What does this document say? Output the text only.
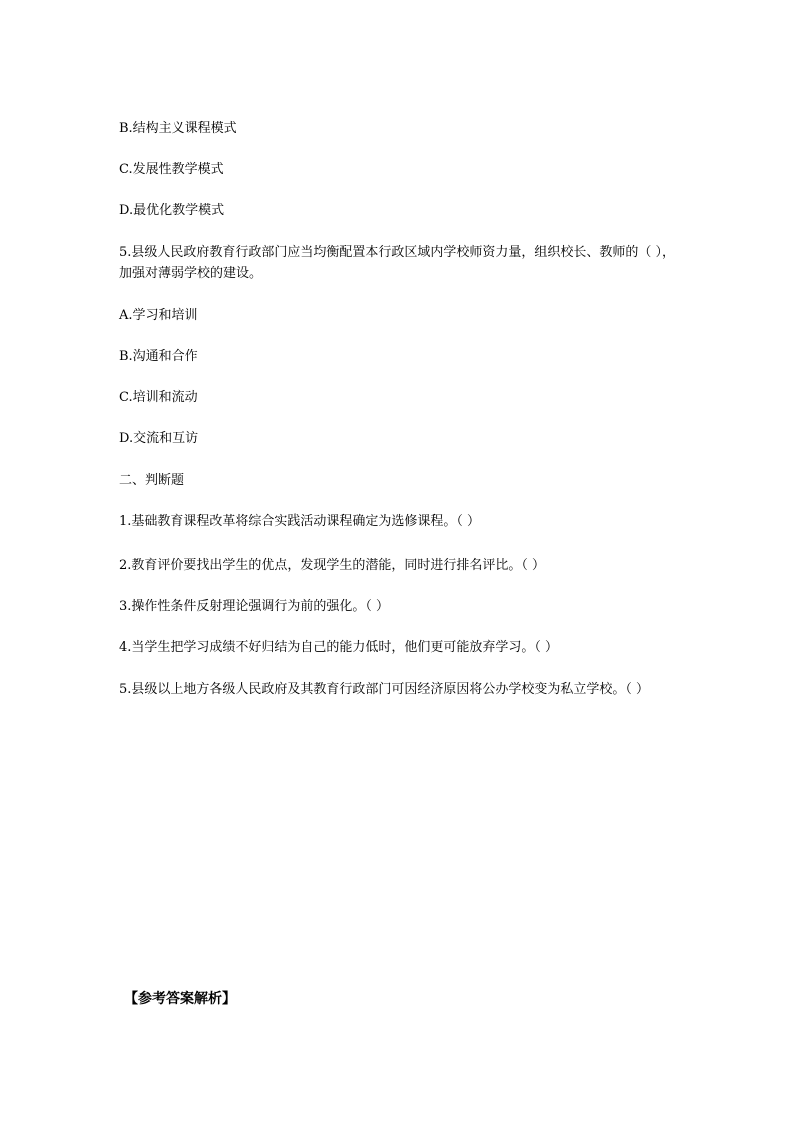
B.结构主义课程模式
C.发展性教学模式
D.最优化教学模式
5.县级人民政府教育行政部门应当均衡配置本行政区域内学校师资力量，组织校长、教师的（ ），加强对薄弱学校的建设。
A.学习和培训
B.沟通和合作
C.培训和流动
D.交流和互访
二、判断题
1.基础教育课程改革将综合实践活动课程确定为选修课程。（ ）
2.教育评价要找出学生的优点，发现学生的潜能，同时进行排名评比。（ ）
3.操作性条件反射理论强调行为前的强化。（ ）
4.当学生把学习成绩不好归结为自己的能力低时，他们更可能放弃学习。（ ）
5.县级以上地方各级人民政府及其教育行政部门可因经济原因将公办学校变为私立学校。（ ）
【参考答案解析】
